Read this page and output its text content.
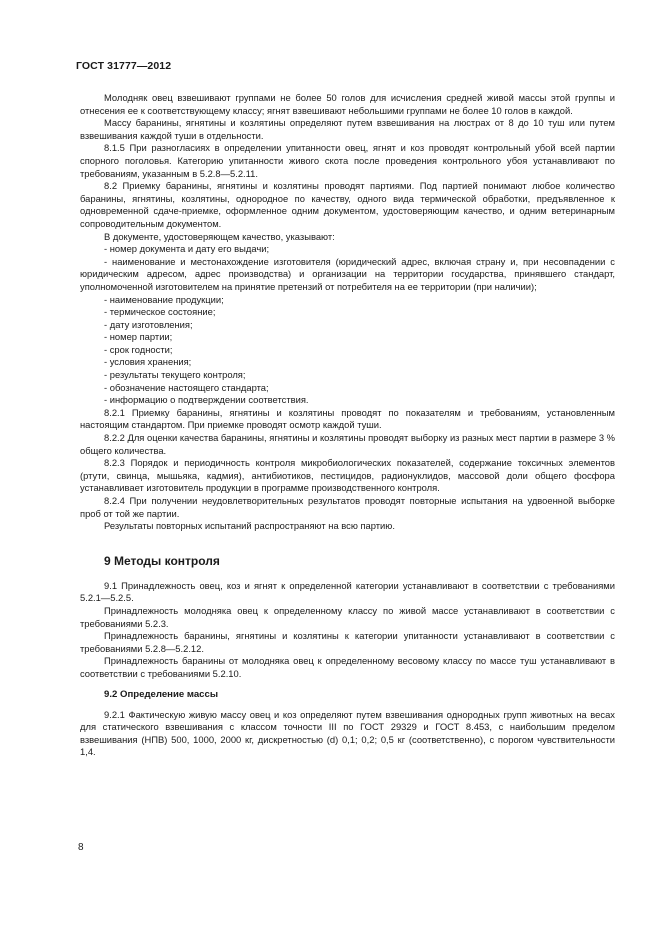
ГОСТ 31777—2012

Молодняк овец взвешивают группами не более 50 голов для исчисления средней живой массы этой группы и отнесения ее к соответствующему классу; ягнят взвешивают небольшими группами не более 10 голов в каждой.

Массу баранины, ягнятины и козлятины определяют путем взвешивания на люстрах от 8 до 10 туш или путем взвешивания каждой туши в отдельности.

8.1.5 При разногласиях в определении упитанности овец, ягнят и коз проводят контрольный убой всей партии спорного поголовья. Категорию упитанности живого скота после проведения контрольного убоя устанавливают по требованиям, указанным в 5.2.8—5.2.11.

8.2 Приемку баранины, ягнятины и козлятины проводят партиями. Под партией понимают любое количество баранины, ягнятины, козлятины, однородное по качеству, одного вида термической обработки, предъявленное к одновременной сдаче-приемке, оформленное одним документом, удостоверяющим качество, и одним ветеринарным сопроводительным документом.

В документе, удостоверяющем качество, указывают:

- номер документа и дату его выдачи;

- наименование и местонахождение изготовителя (юридический адрес, включая страну и, при несовпадении с юридическим адресом, адрес производства) и организации на территории государства, принявшего стандарт, уполномоченной изготовителем на принятие претензий от потребителя на ее территории (при наличии);

- наименование продукции;

- термическое состояние;

- дату изготовления;

- номер партии;

- срок годности;

- условия хранения;

- результаты текущего контроля;

- обозначение настоящего стандарта;

- информацию о подтверждении соответствия.

8.2.1 Приемку баранины, ягнятины и козлятины проводят по показателям и требованиям, установленным настоящим стандартом. При приемке проводят осмотр каждой туши.

8.2.2 Для оценки качества баранины, ягнятины и козлятины проводят выборку из разных мест партии в размере 3 % общего количества.

8.2.3 Порядок и периодичность контроля микробиологических показателей, содержание токсичных элементов (ртути, свинца, мышьяка, кадмия), антибиотиков, пестицидов, радионуклидов, массовой доли общего фосфора устанавливает изготовитель продукции в программе производственного контроля.

8.2.4 При получении неудовлетворительных результатов проводят повторные испытания на удвоенной выборке проб от той же партии.

Результаты повторных испытаний распространяют на всю партию.

9 Методы контроля

9.1 Принадлежность овец, коз и ягнят к определенной категории устанавливают в соответствии с требованиями 5.2.1—5.2.5.

Принадлежность молодняка овец к определенному классу по живой массе устанавливают в соответствии с требованиями 5.2.3.

Принадлежность баранины, ягнятины и козлятины к категории упитанности устанавливают в соответствии с требованиями 5.2.8—5.2.12.

Принадлежность баранины от молодняка овец к определенному весовому классу по массе туш устанавливают в соответствии с требованиями 5.2.10.

9.2 Определение массы

9.2.1 Фактическую живую массу овец и коз определяют путем взвешивания однородных групп животных на весах для статического взвешивания с классом точности III по ГОСТ 29329 и ГОСТ 8.453, с наибольшим пределом взвешивания (НПВ) 500, 1000, 2000 кг, дискретностью (d) 0,1; 0,2; 0,5 кг (соответственно), с порогом чувствительности 1,4.

8
